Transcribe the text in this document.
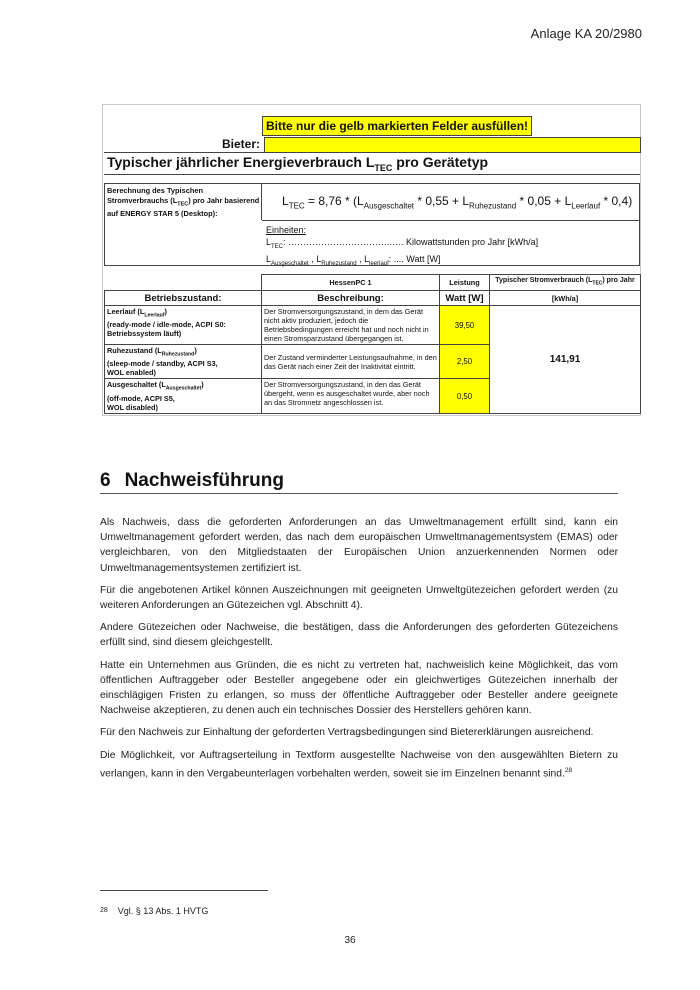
Anlage KA 20/2980
Bitte nur die gelb markierten Felder ausfüllen!
Bieter:
Typischer jährlicher Energieverbrauch $L_{TEC}$ pro Gerätetyp
Berechnung des Typischen
Stromverbrauchs $(L_{TEC})$ pro Jahr basierend
auf ENERGY STAR 5 (Desktop):
$L_{TEC} = 8,76 * (L_{Ausgeschaltet} * 0,55 + L_{Ruhezustand} * 0,05 + L_{Leerlauf} * 0,4)$
Einheiten:
$L_{TEC}$: ……………………………..…. Kilowattstunden pro Jahr [kWh/a]
$L_{Ausgeschaltet}$ , $L_{Ruhezustand}$ , $L_{leerlauf}$: .... Watt [W]
	HessenPC 1	Leistung	Typischer Stromverbrauch $(L_{TEC})$ pro Jahr
Betriebszustand:	Beschreibung:	Watt [W]	[kWh/a]

Leerlauf $(L_{Leerlauf})$
(ready-mode / idle-mode, ACPI S0:
Betriebssystem läuft)	Der Stromversorgungszustand, in dem das Gerät nicht aktiv produziert, jedoch die Betriebsbedingungen erreicht hat und noch nicht in einen Stromsparzustand übergegangen ist.	39,50	141,91

Ruhezustand $(L_{Ruhezustand})$
(sleep-mode / standby, ACPI S3,
WOL enabled)	Der Zustand verminderter Leistungsaufnahme, in den das Gerät nach einer Zeit der Inaktivität eintritt.	2,50	

Ausgeschaltet $(L_{Ausgeschaltet})$
(off-mode, ACPI S5,
WOL disabled)	Der Stromversorgungszustand, in den das Gerät übergeht, wenn es ausgeschaltet wurde, aber noch an das Stromnetz angeschlossen ist.	0,50	
6 Nachweisführung

Als Nachweis, dass die geforderten Anforderungen an das Umweltmanagement erfüllt sind, kann ein Umweltmanagement gefordert werden, das nach dem europäischen Umweltmanagementsystem (EMAS) oder vergleichbaren, von den Mitgliedstaaten der Europäischen Union anzuerkennenden Normen oder Umweltmanagementsystemen zertifiziert ist.

Für die angebotenen Artikel können Auszeichnungen mit geeigneten Umweltgütezeichen gefordert werden (zu weiteren Anforderungen an Gütezeichen vgl. Abschnitt 4).

Andere Gütezeichen oder Nachweise, die bestätigen, dass die Anforderungen des geforderten Gütezeichens erfüllt sind, sind diesem gleichgestellt.

Hatte ein Unternehmen aus Gründen, die es nicht zu vertreten hat, nachweislich keine Möglichkeit, das vom öffentlichen Auftraggeber oder Besteller angegebene oder ein gleichwertiges Gütezeichen innerhalb der einschlägigen Fristen zu erlangen, so muss der öffentliche Auftraggeber oder Besteller andere geeignete Nachweise akzeptieren, zu denen auch ein technisches Dossier des Herstellers gehören kann.

Für den Nachweis zur Einhaltung der geforderten Vertragsbedingungen sind Bietererklärungen ausreichend.

Die Möglichkeit, vor Auftragserteilung in Textform ausgestellte Nachweise von den ausgewählten Bietern zu verlangen, kann in den Vergabeunterlagen vorbehalten werden, soweit sie im Einzelnen benannt sind.$^{28}$

$^{28}$ Vgl. § 13 Abs. 1 HVTG
36
